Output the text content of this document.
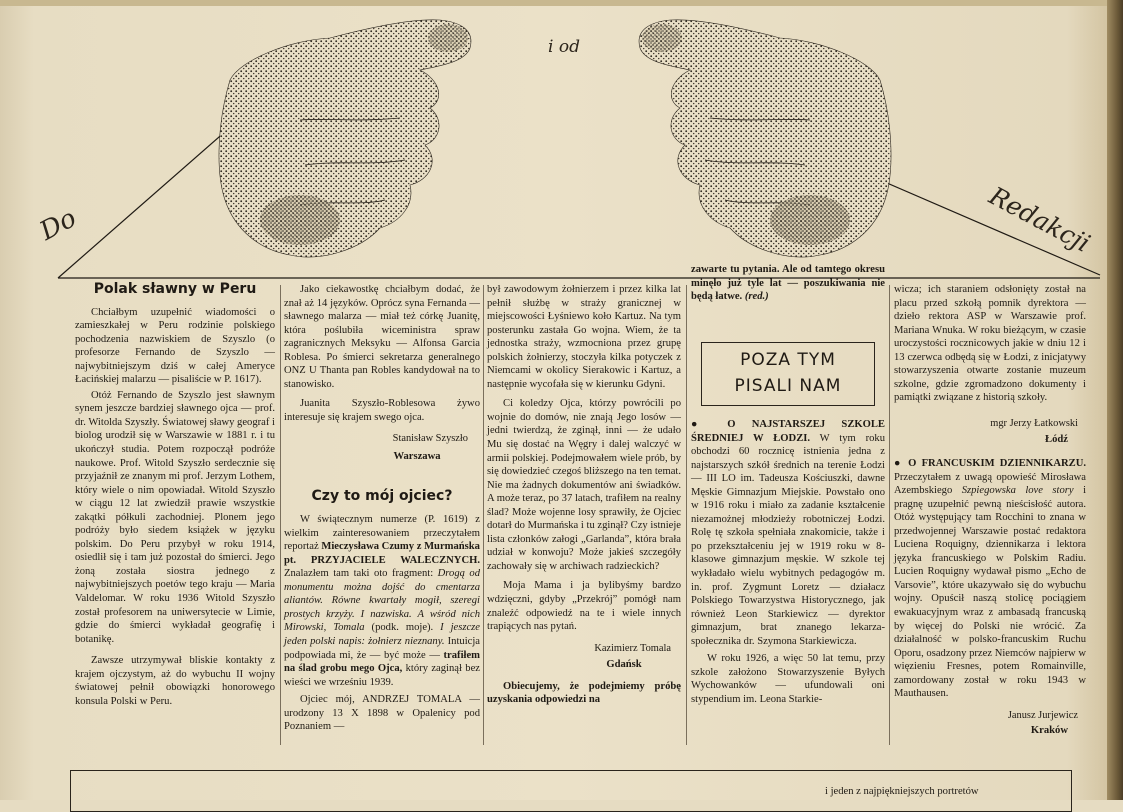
Do
i od
Redakcji
Polak sławny w Peru

Chciałbym uzupełnić wiadomości o zamieszkałej w Peru rodzinie polskiego pochodzenia nazwiskiem de Szyszlo (o profesorze Fernando de Szyszlo — najwybitniejszym dziś w całej Ameryce Łacińskiej malarzu — pisaliście w P. 1617).

Otóż Fernando de Szyszlo jest sławnym synem jeszcze bardziej sławnego ojca — prof. dr. Witolda Szyszły. Światowej sławy geograf i biolog urodził się w Warszawie w 1881 r. i tu ukończył studia. Potem rozpoczął podróże naukowe. Prof. Witold Szyszło serdecznie się przyjaźnił ze znanym mi prof. Jerzym Lothem, który wiele o nim opowiadał. Witold Szyszło w ciągu 12 lat zwiedził prawie wszystkie zakątki półkuli zachodniej. Plonem jego podróży było siedem książek w języku polskim. Do Peru przybył w roku 1914, osiedlił się i tam już pozostał do śmierci. Jego żoną została siostra jednego z najwybitniejszych poetów tego kraju — Maria Valdelomar. W roku 1936 Witold Szyszło został profesorem na uniwersytecie w Limie, gdzie do śmierci wykładał geografię i botanikę.

Zawsze utrzymywał bliskie kontakty z krajem ojczystym, aż do wybuchu II wojny światowej pełnił obowiązki honorowego konsula Polski w Peru.

Jako ciekawostkę chciałbym dodać, że znał aż 14 języków. Oprócz syna Fernanda — sławnego malarza — miał też córkę Juanitę, która poślubiła wiceministra spraw zagranicznych Meksyku — Alfonsa Garcia Roblesa. Po śmierci sekretarza generalnego ONZ U Thanta pan Robles kandydował na to stanowisko.

Juanita Szyszło-Roblesowa żywo interesuje się krajem swego ojca.

Stanisław Szyszło

Warszawa

Czy to mój ojciec?

W świątecznym numerze (P. 1619) z wielkim zainteresowaniem przeczytałem reportaż Mieczysława Czumy z Murmańska pt. PRZYJACIELE WALECZNYCH. Znalazłem tam taki oto fragment: Drogą od monumentu można dojść do cmentarza aliantów. Równe kwartały mogił, szeregi prostych krzyży. I nazwiska. A wśród nich Mirowski, Tomala (podk. moje). I jeszcze jeden polski napis: żołnierz nieznany. Intuicja podpowiada mi, że — być może — trafiłem na ślad grobu mego Ojca, który zaginął bez wieści we wrześniu 1939.

Ojciec mój, ANDRZEJ TOMALA — urodzony 13 X 1898 w Opalenicy pod Poznaniem —

był zawodowym żołnierzem i przez kilka lat pełnił służbę w straży granicznej w miejscowości Łyśniewo koło Kartuz. Na tym posterunku zastała Go wojna. Wiem, że ta jednostka straży, wzmocniona przez grupę polskich żołnierzy, stoczyła kilka potyczek z Niemcami w okolicy Sierakowic i Kartuz, a następnie wycofała się w kierunku Gdyni.

Ci koledzy Ojca, którzy powrócili po wojnie do domów, nie znają Jego losów — jedni twierdzą, że zginął, inni — że udało Mu się dostać na Węgry i dalej walczyć w armii polskiej. Podejmowałem wiele prób, by się dowiedzieć czegoś bliższego na ten temat. Nie ma żadnych dokumentów ani świadków. A może teraz, po 37 latach, trafiłem na realny ślad? Może wojenne losy sprawiły, że Ojciec dotarł do Murmańska i tu zginął? Czy istnieje lista członków załogi „Garlanda”, która brała udział w konwoju? Może jakieś szczegóły zachowały się w archiwach radzieckich?

Moja Mama i ja bylibyśmy bardzo wdzięczni, gdyby „Przekrój” pomógł nam znaleźć odpowiedź na te i wiele innych trapiących nas pytań.

Kazimierz Tomala

Gdańsk

Obiecujemy, że podejmiemy próbę uzyskania odpowiedzi na

zawarte tu pytania. Ale od tamtego okresu minęło już tyle lat — poszukiwania nie będą łatwe. (red.)

POZA TYM
PISALI NAM

● O NAJSTARSZEJ SZKOLE ŚREDNIEJ W ŁODZI. W tym roku obchodzi 60 rocznicę istnienia jedna z najstarszych szkół średnich na terenie Łodzi — III LO im. Tadeusza Kościuszki, dawne Męskie Gimnazjum Miejskie. Powstało ono w 1916 roku i miało za zadanie kształcenie niezamożnej młodzieży robotniczej Łodzi. Rolę tę szkoła spełniała znakomicie, także i po przekształceniu jej w 1919 roku w 8-klasowe gimnazjum męskie. W szkole tej wykładało wielu wybitnych pedagogów m. in. prof. Zygmunt Loretz — działacz Polskiego Towarzystwa Historycznego, jak również Leon Starkiewicz — dyrektor gimnazjum, brat znanego lekarza-społecznika dr. Szymona Starkiewicza.

W roku 1926, a więc 50 lat temu, przy szkole założono Stowarzyszenie Byłych Wychowanków — ufundowali oni stypendium im. Leona Starkie-

wicza; ich staraniem odsłonięty został na placu przed szkołą pomnik dyrektora — dzieło rektora ASP w Warszawie prof. Mariana Wnuka. W roku bieżącym, w czasie uroczystości rocznicowych jakie w dniu 12 i 13 czerwca odbędą się w Łodzi, z inicjatywy stowarzyszenia otwarte zostanie muzeum szkolne, gdzie zgromadzono dokumenty i pamiątki związane z historią szkoły.

mgr Jerzy Łatkowski

Łódź

● O FRANCUSKIM DZIENNIKARZU. Przeczytałem z uwagą opowieść Mirosława Azembskiego Szpiegowska love story i pragnę uzupełnić pewną nieścisłość autora. Otóż występujący tam Rocchini to znana w przedwojennej Warszawie postać redaktora Luciena Roquigny, dziennikarza i lektora języka francuskiego w Polskim Radiu. Lucien Roquigny wydawał pismo „Echo de Varsovie”, które ukazywało się do wybuchu wojny. Opuścił naszą stolicę pociągiem ewakuacyjnym wraz z ambasadą francuską by więcej do Polski nie wrócić. Za działalność w polsko-francuskim Ruchu Oporu, osadzony przez Niemców najpierw w więzieniu Fresnes, potem Romainville, zamordowany został w roku 1943 w Mauthausen.

Janusz Jurjewicz

Kraków

i jeden z najpiękniejszych portretów
